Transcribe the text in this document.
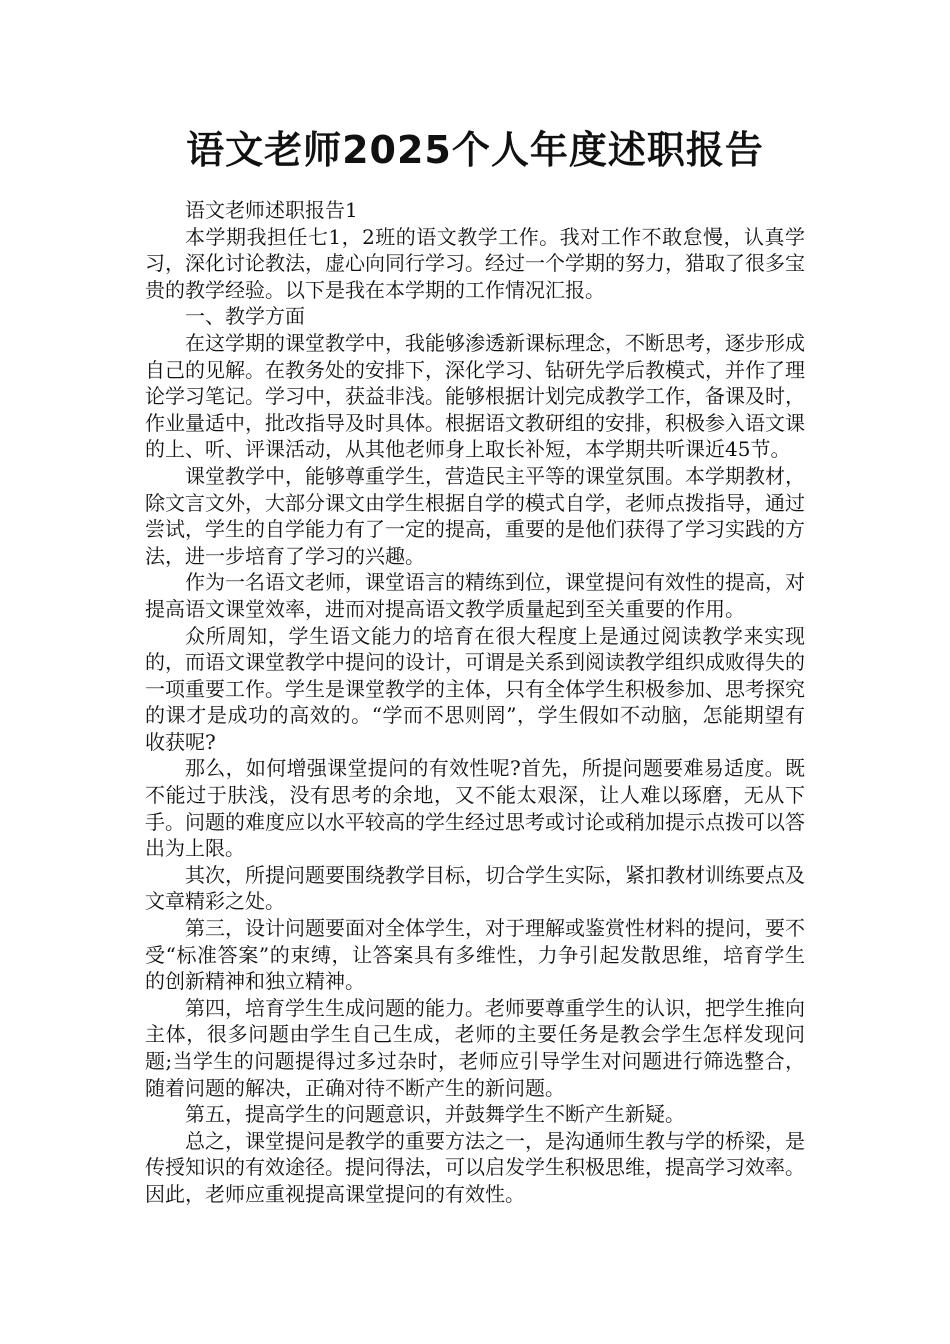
语文老师2025个人年度述职报告

语文老师述职报告1

本学期我担任七1，2班的语文教学工作。我对工作不敢怠慢，认真学习，深化讨论教法，虚心向同行学习。经过一个学期的努力，猎取了很多宝贵的教学经验。以下是我在本学期的工作情况汇报。

一、教学方面

在这学期的课堂教学中，我能够渗透新课标理念，不断思考，逐步形成自己的见解。在教务处的安排下，深化学习、钻研先学后教模式，并作了理论学习笔记。学习中，获益非浅。能够根据计划完成教学工作，备课及时，作业量适中，批改指导及时具体。根据语文教研组的安排，积极参入语文课的上、听、评课活动，从其他老师身上取长补短，本学期共听课近45节。

课堂教学中，能够尊重学生，营造民主平等的课堂氛围。本学期教材，除文言文外，大部分课文由学生根据自学的模式自学，老师点拨指导，通过尝试，学生的自学能力有了一定的提高，重要的是他们获得了学习实践的方法，进一步培育了学习的兴趣。

作为一名语文老师，课堂语言的精练到位，课堂提问有效性的提高，对提高语文课堂效率，进而对提高语文教学质量起到至关重要的作用。

众所周知，学生语文能力的培育在很大程度上是通过阅读教学来实现的，而语文课堂教学中提问的设计，可谓是关系到阅读教学组织成败得失的一项重要工作。学生是课堂教学的主体，只有全体学生积极参加、思考探究的课才是成功的高效的。“学而不思则罔”，学生假如不动脑，怎能期望有收获呢?

那么，如何增强课堂提问的有效性呢?首先，所提问题要难易适度。既不能过于肤浅，没有思考的余地，又不能太艰深，让人难以琢磨，无从下手。问题的难度应以水平较高的学生经过思考或讨论或稍加提示点拨可以答出为上限。

其次，所提问题要围绕教学目标，切合学生实际，紧扣教材训练要点及文章精彩之处。

第三，设计问题要面对全体学生，对于理解或鉴赏性材料的提问，要不受“标准答案”的束缚，让答案具有多维性，力争引起发散思维，培育学生的创新精神和独立精神。

第四，培育学生生成问题的能力。老师要尊重学生的认识，把学生推向主体，很多问题由学生自己生成，老师的主要任务是教会学生怎样发现问题;当学生的问题提得过多过杂时，老师应引导学生对问题进行筛选整合，随着问题的解决，正确对待不断产生的新问题。

第五，提高学生的问题意识，并鼓舞学生不断产生新疑。

总之，课堂提问是教学的重要方法之一，是沟通师生教与学的桥梁，是传授知识的有效途径。提问得法，可以启发学生积极思维，提高学习效率。因此，老师应重视提高课堂提问的有效性。
